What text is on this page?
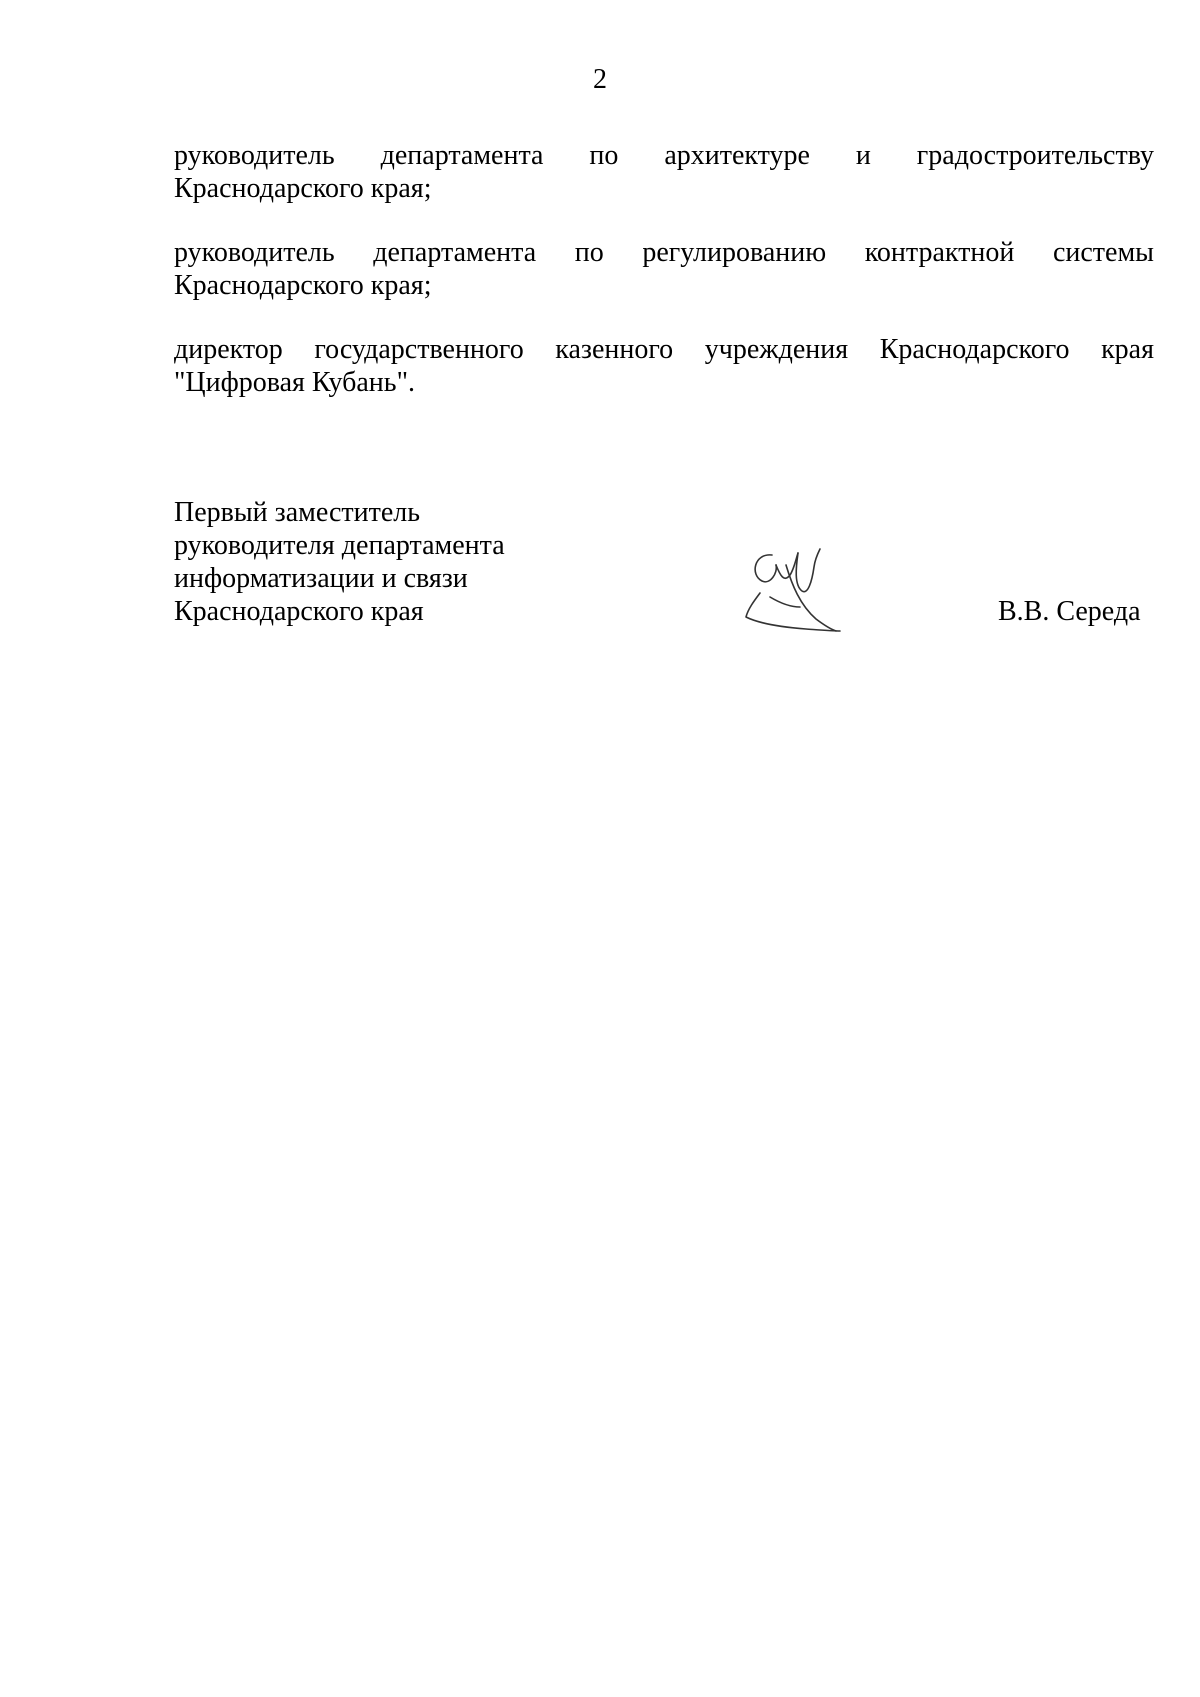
2
руководитель департамента по архитектуре и градостроительству
Краснодарского края;
руководитель департамента по регулированию контрактной системы
Краснодарского края;
директор государственного казенного учреждения Краснодарского края
"Цифровая Кубань".
Первый заместитель
руководителя департамента
информатизации и связи
Краснодарского края	В.В. Середа
